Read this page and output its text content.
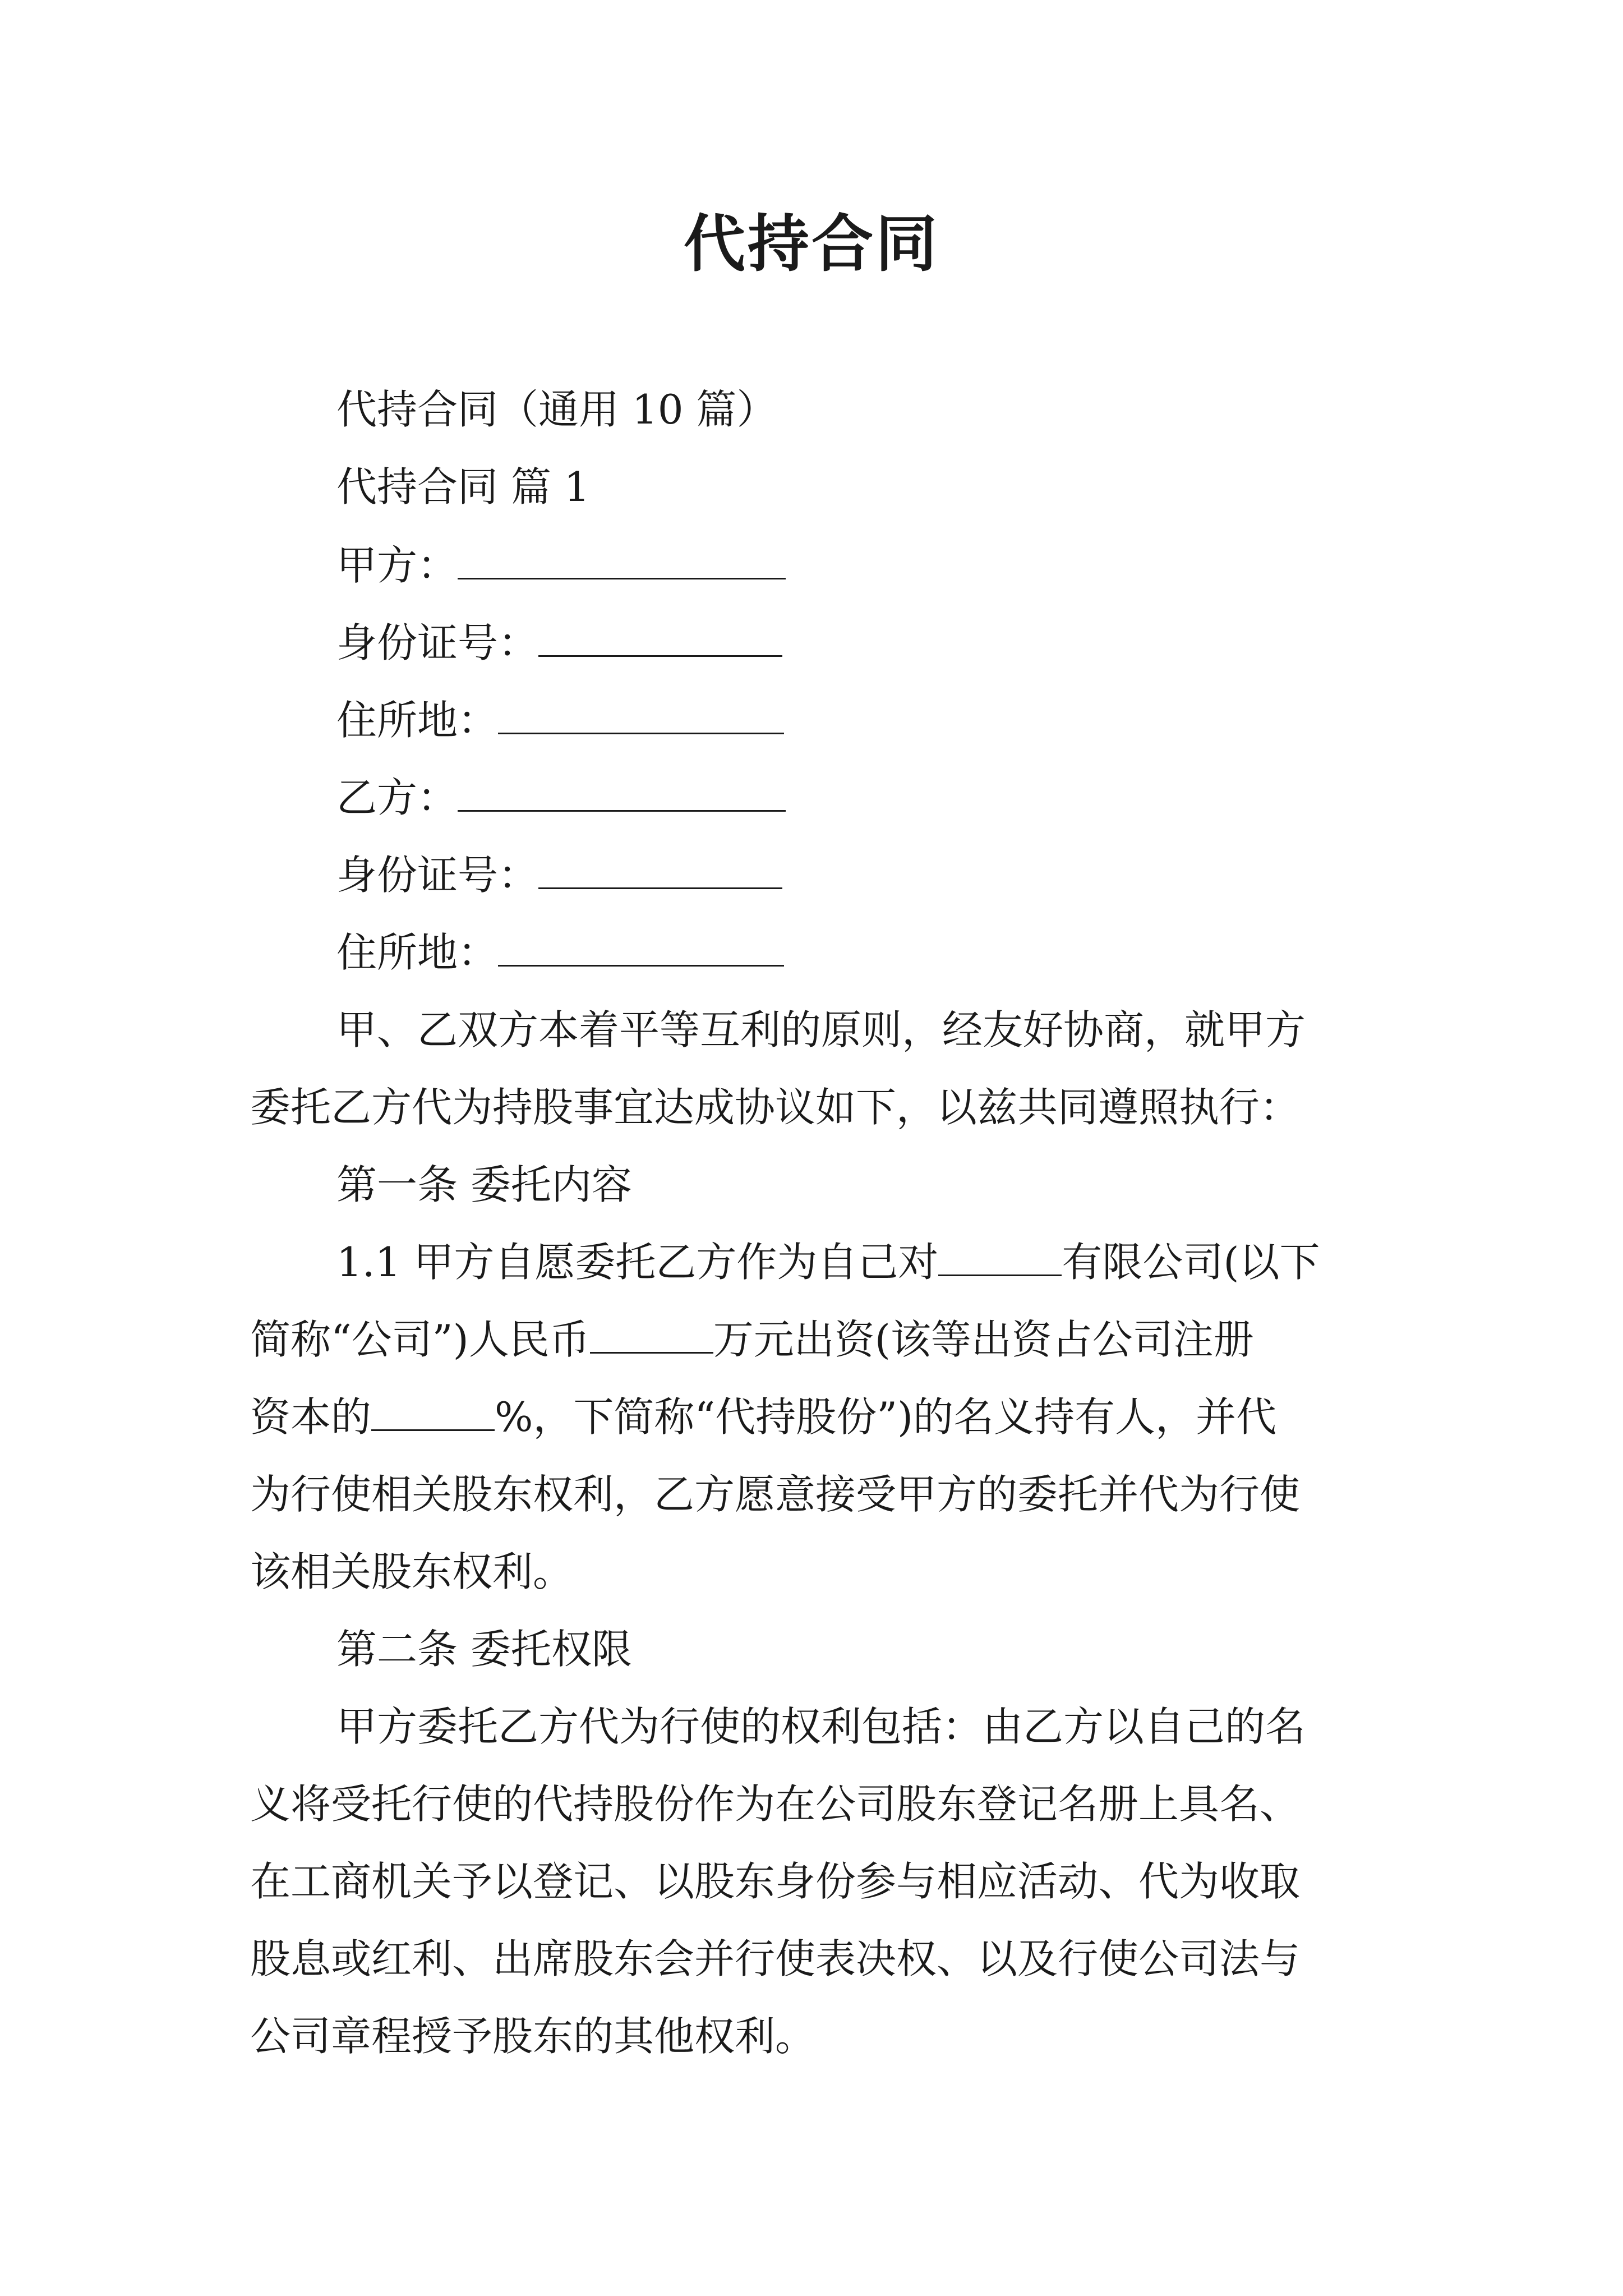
代持合同
代持合同（通用 10 篇）
代持合同 篇 1
甲方：
身份证号：
住所地：
乙方：
身份证号：
住所地：
甲、乙双方本着平等互利的原则，经友好协商，就甲方
委托乙方代为持股事宜达成协议如下，以兹共同遵照执行：
第一条 委托内容
1.1 甲方自愿委托乙方作为自己对	有限公司(以下
简称“公司”)人民币	万元出资(该等出资占公司注册
资本的	%，下简称“代持股份”)的名义持有人，并代
为行使相关股东权利，乙方愿意接受甲方的委托并代为行使
该相关股东权利。
第二条 委托权限
甲方委托乙方代为行使的权利包括：由乙方以自己的名
义将受托行使的代持股份作为在公司股东登记名册上具名、
在工商机关予以登记、以股东身份参与相应活动、代为收取
股息或红利、出席股东会并行使表决权、以及行使公司法与
公司章程授予股东的其他权利。
